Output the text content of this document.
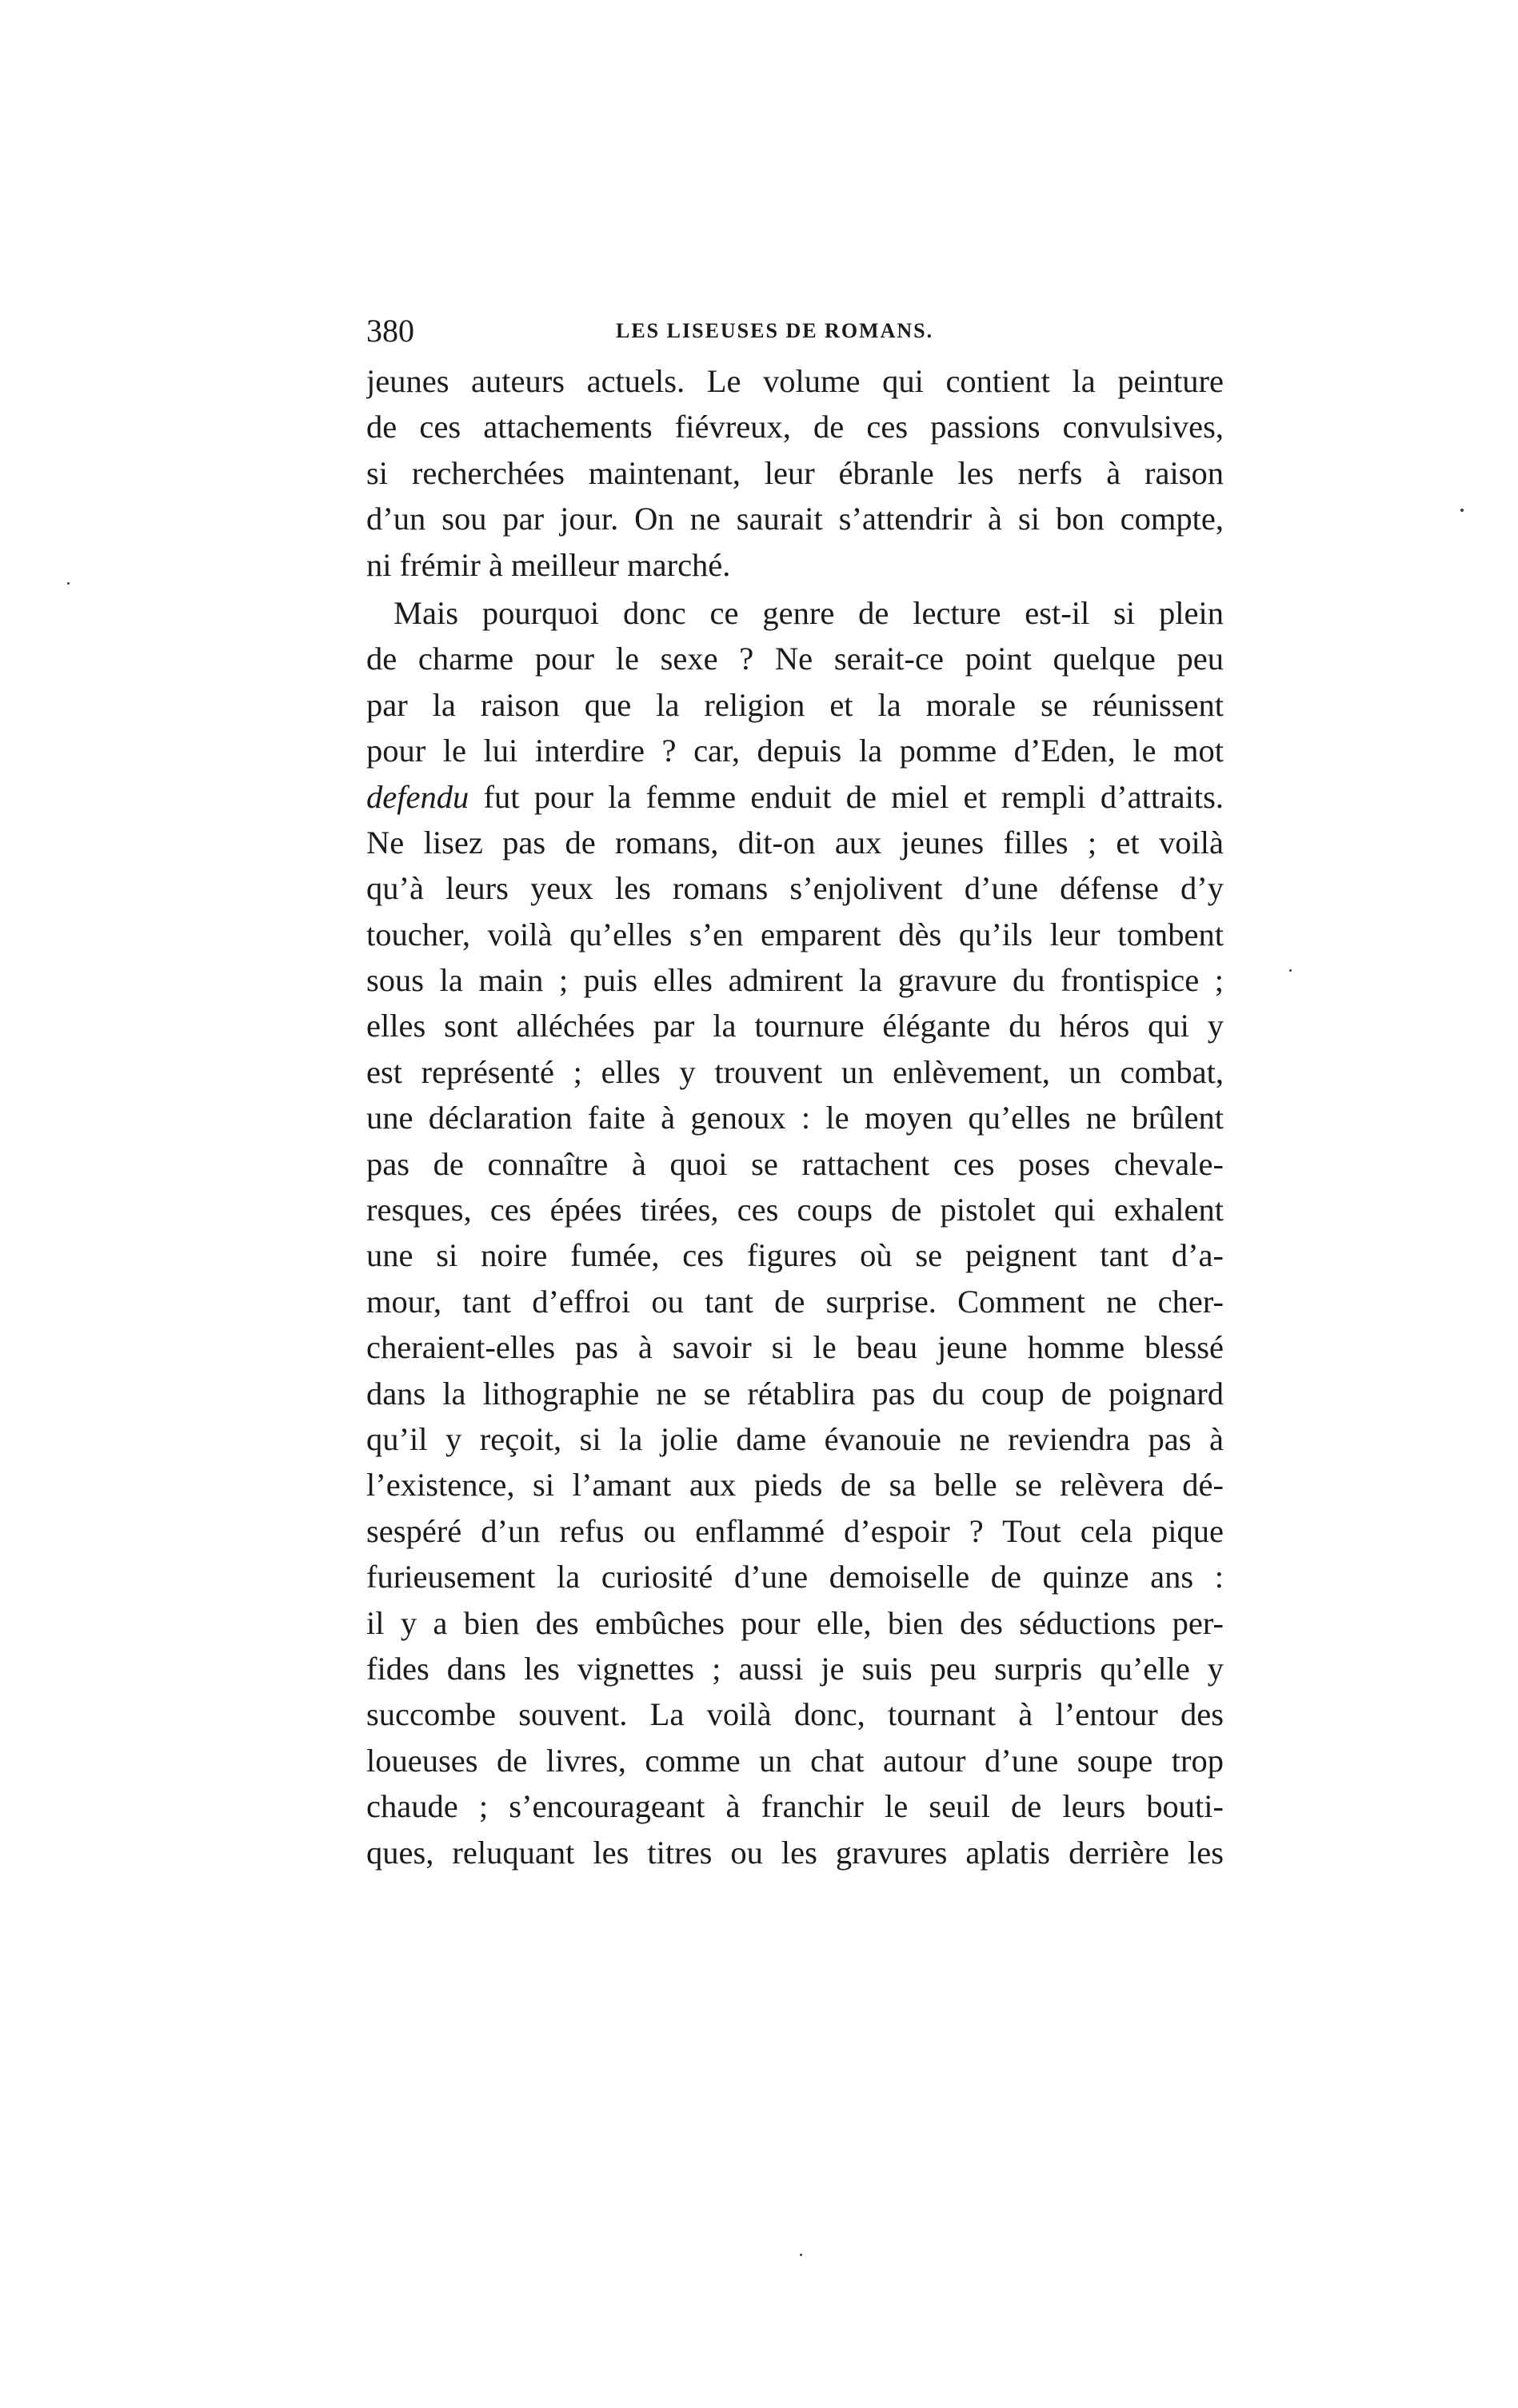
380	LES LISEUSES DE ROMANS.
jeunes auteurs actuels. Le volume qui contient la peinture
de ces attachements fiévreux, de ces passions convulsives,
si recherchées maintenant, leur ébranle les nerfs à raison
d’un sou par jour. On ne saurait s’attendrir à si bon compte,
ni frémir à meilleur marché.
Mais pourquoi donc ce genre de lecture est-il si plein
de charme pour le sexe ? Ne serait-ce point quelque peu
par la raison que la religion et la morale se réunissent
pour le lui interdire ? car, depuis la pomme d’Eden, le mot
defendu fut pour la femme enduit de miel et rempli d’attraits.
Ne lisez pas de romans, dit-on aux jeunes filles ; et voilà
qu’à leurs yeux les romans s’enjolivent d’une défense d’y
toucher, voilà qu’elles s’en emparent dès qu’ils leur tombent
sous la main ; puis elles admirent la gravure du frontispice ;
elles sont alléchées par la tournure élégante du héros qui y
est représenté ; elles y trouvent un enlèvement, un combat,
une déclaration faite à genoux : le moyen qu’elles ne brûlent
pas de connaître à quoi se rattachent ces poses chevale-
resques, ces épées tirées, ces coups de pistolet qui exhalent
une si noire fumée, ces figures où se peignent tant d’a-
mour, tant d’effroi ou tant de surprise. Comment ne cher-
cheraient-elles pas à savoir si le beau jeune homme blessé
dans la lithographie ne se rétablira pas du coup de poignard
qu’il y reçoit, si la jolie dame évanouie ne reviendra pas à
l’existence, si l’amant aux pieds de sa belle se relèvera dé-
sespéré d’un refus ou enflammé d’espoir ? Tout cela pique
furieusement la curiosité d’une demoiselle de quinze ans :
il y a bien des embûches pour elle, bien des séductions per-
fides dans les vignettes ; aussi je suis peu surpris qu’elle y
succombe souvent. La voilà donc, tournant à l’entour des
loueuses de livres, comme un chat autour d’une soupe trop
chaude ; s’encourageant à franchir le seuil de leurs bouti-
ques, reluquant les titres ou les gravures aplatis derrière les
